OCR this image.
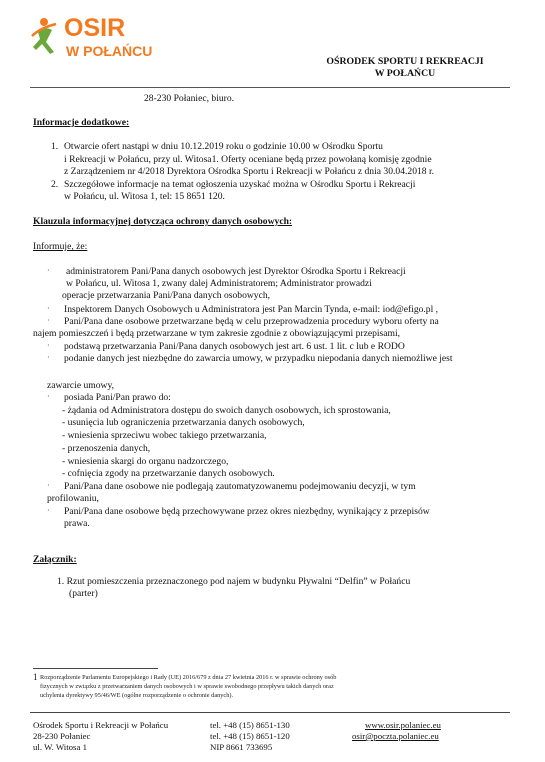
OSIR
W POŁAŃCU
OŚRODEK SPORTU I REKREACJI
W POŁAŃCU
28-230 Połaniec, biuro.
Informacje dodatkowe:
1. Otwarcie ofert nastąpi w dniu 10.12.2019 roku o godzinie 10.00 w Ośrodku Sportu
i Rekreacji w Połańcu, przy ul. Witosa1. Oferty oceniane będą przez powołaną komisję zgodnie
z Zarządzeniem nr 4/2018 Dyrektora Ośrodka Sportu i Rekreacji w Połańcu z dnia 30.04.2018 r.
2. Szczegółowe informacje na temat ogłoszenia uzyskać można w Ośrodku Sportu i Rekreacji
w Połańcu, ul. Witosa 1, tel: 15 8651 120.
Klauzula informacyjnej dotycząca ochrony danych osobowych:
Informuje, że:
·
·
·
·
·
·
·
·
administratorem Pani/Pana danych osobowych jest Dyrektor Ośrodka Sportu i Rekreacji
w Połańcu, ul. Witosa 1, zwany dalej Administratorem; Administrator prowadzi
operacje przetwarzania Pani/Pana danych osobowych,
Inspektorem Danych Osobowych u Administratora jest Pan Marcin Tynda, e-mail: iod@efigo.pl ,
Pani/Pana dane osobowe przetwarzane będą w celu przeprowadzenia procedury wyboru oferty na
najem pomieszczeń i będą przetwarzane w tym zakresie zgodnie z obowiązującymi przepisami,
podstawą przetwarzania Pani/Pana danych osobowych jest art. 6 ust. 1 lit. c lub e RODO
podanie danych jest niezbędne do zawarcia umowy, w przypadku niepodania danych niemożliwe jest
zawarcie umowy,
posiada Pani/Pan prawo do:
- żądania od Administratora dostępu do swoich danych osobowych, ich sprostowania,
- usunięcia lub ograniczenia przetwarzania danych osobowych,
- wniesienia sprzeciwu wobec takiego przetwarzania,
- przenoszenia danych,
- wniesienia skargi do organu nadzorczego,
- cofnięcia zgody na przetwarzanie danych osobowych.
Pani/Pana dane osobowe nie podlegają zautomatyzowanemu podejmowaniu decyzji, w tym
profilowaniu,
Pani/Pana dane osobowe będą przechowywane przez okres niezbędny, wynikający z przepisów
prawa.
Załącznik:
1. Rzut pomieszczenia przeznaczonego pod najem w budynku Pływalni “Delfin” w Połańcu
(parter)
1 Rozporządzenie Parlamentu Europejskiego i Rady (UE) 2016/679 z dnia 27 kwietnia 2016 r. w sprawie ochrony osób
fizycznych w związku z przetwarzaniem danych osobowych i w sprawie swobodnego przepływu takich danych oraz
uchylenia dyrektywy 95/46/WE (ogólne rozporządzenie o ochronie danych).
Ośrodek Sportu i Rekreacji w Połańcu
28-230 Połaniec
ul. W. Witosa 1
tel. +48 (15) 8651-130
tel. +48 (15) 8651-120
NIP 8661 733695
www.osir.polaniec.eu
osir@poczta.polaniec.eu
